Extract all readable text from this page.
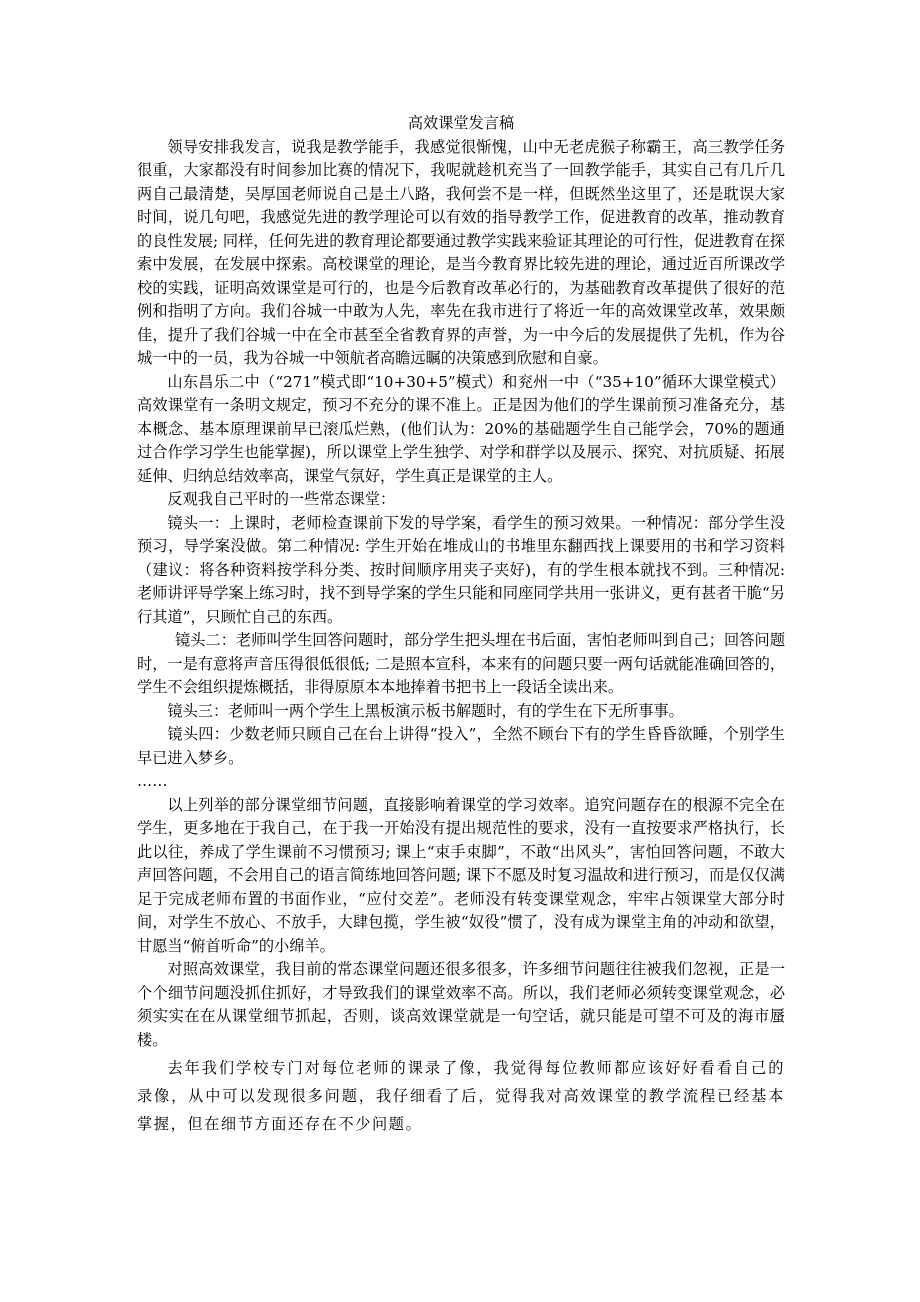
高效课堂发言稿

领导安排我发言，说我是教学能手，我感觉很惭愧，山中无老虎猴子称霸王，高三教学任务很重，大家都没有时间参加比赛的情况下，我呢就趁机充当了一回教学能手，其实自己有几斤几两自己最清楚，吴厚国老师说自己是土八路，我何尝不是一样，但既然坐这里了，还是耽误大家时间，说几句吧，我感觉先进的教学理论可以有效的指导教学工作，促进教育的改革，推动教育的良性发展; 同样，任何先进的教育理论都要通过教学实践来验证其理论的可行性，促进教育在探索中发展，在发展中探索。高校课堂的理论，是当今教育界比较先进的理论，通过近百所课改学校的实践，证明高效课堂是可行的，也是今后教育改革必行的，为基础教育改革提供了很好的范例和指明了方向。我们谷城一中敢为人先，率先在我市进行了将近一年的高效课堂改革，效果颇佳，提升了我们谷城一中在全市甚至全省教育界的声誉，为一中今后的发展提供了先机，作为谷城一中的一员，我为谷城一中领航者高瞻远瞩的决策感到欣慰和自豪。

山东昌乐二中（“271”模式即“10+30+5”模式）和兖州一中（“35+10”循环大课堂模式）高效课堂有一条明文规定，预习不充分的课不准上。正是因为他们的学生课前预习准备充分，基本概念、基本原理课前早已滚瓜烂熟，(他们认为：20%的基础题学生自己能学会，70%的题通过合作学习学生也能掌握)，所以课堂上学生独学、对学和群学以及展示、探究、对抗质疑、拓展延伸、归纳总结效率高，课堂气氛好，学生真正是课堂的主人。

反观我自己平时的一些常态课堂：

镜头一：上课时，老师检查课前下发的导学案，看学生的预习效果。一种情况：部分学生没预习，导学案没做。第二种情况: 学生开始在堆成山的书堆里东翻西找上课要用的书和学习资料（建议：将各种资料按学科分类、按时间顺序用夹子夹好)，有的学生根本就找不到。三种情况: 老师讲评导学案上练习时，找不到导学案的学生只能和同座同学共用一张讲义，更有甚者干脆“另行其道”，只顾忙自己的东西。

镜头二：老师叫学生回答问题时，部分学生把头埋在书后面，害怕老师叫到自己；回答问题时，一是有意将声音压得很低很低; 二是照本宣科，本来有的问题只要一两句话就能准确回答的，学生不会组织提炼概括，非得原原本本地捧着书把书上一段话全读出来。

镜头三：老师叫一两个学生上黑板演示板书解题时，有的学生在下无所事事。

镜头四：少数老师只顾自己在台上讲得“投入”，全然不顾台下有的学生昏昏欲睡，个别学生早已进入梦乡。

……

以上列举的部分课堂细节问题，直接影响着课堂的学习效率。追究问题存在的根源不完全在学生，更多地在于我自己，在于我一开始没有提出规范性的要求，没有一直按要求严格执行，长此以往，养成了学生课前不习惯预习; 课上“束手束脚”，不敢“出风头”，害怕回答问题，不敢大声回答问题，不会用自己的语言简练地回答问题; 课下不愿及时复习温故和进行预习，而是仅仅满足于完成老师布置的书面作业，“应付交差”。老师没有转变课堂观念，牢牢占领课堂大部分时间，对学生不放心、不放手，大肆包揽，学生被“奴役”惯了，没有成为课堂主角的冲动和欲望，甘愿当“俯首听命”的小绵羊。

对照高效课堂，我目前的常态课堂问题还很多很多，许多细节问题往往被我们忽视，正是一个个细节问题没抓住抓好，才导致我们的课堂效率不高。所以，我们老师必须转变课堂观念，必须实实在在从课堂细节抓起，否则，谈高效课堂就是一句空话，就只能是可望不可及的海市蜃楼。

去年我们学校专门对每位老师的课录了像，我觉得每位教师都应该好好看看自己的录像，从中可以发现很多问题，我仔细看了后，觉得我对高效课堂的教学流程已经基本掌握，但在细节方面还存在不少问题。
